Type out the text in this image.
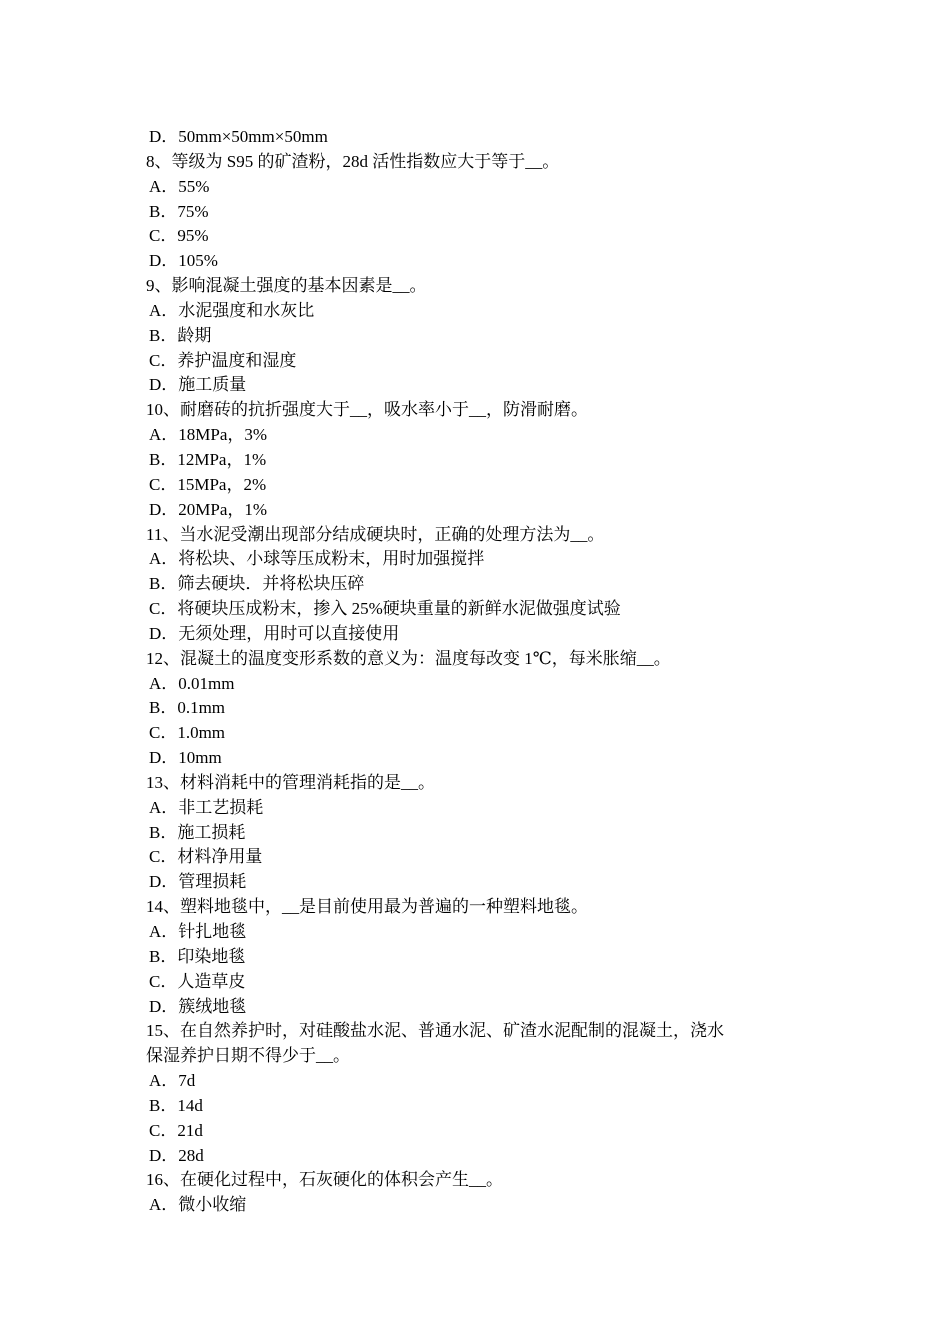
D．50mm×50mm×50mm

8、等级为 S95 的矿渣粉，28d 活性指数应大于等于__。

A．55%

B．75%

C．95%

D．105%

9、影响混凝土强度的基本因素是__。

A．水泥强度和水灰比

B．龄期

C．养护温度和湿度

D．施工质量

10、耐磨砖的抗折强度大于__，吸水率小于__，防滑耐磨。

A．18MPa，3%

B．12MPa，1%

C．15MPa，2%

D．20MPa，1%

11、当水泥受潮出现部分结成硬块时，正确的处理方法为__。

A．将松块、小球等压成粉末，用时加强搅拌

B．筛去硬块．并将松块压碎

C．将硬块压成粉末，掺入 25%硬块重量的新鲜水泥做强度试验

D．无须处理，用时可以直接使用

12、混凝土的温度变形系数的意义为：温度每改变 1℃，每米胀缩__。

A．0.01mm

B．0.1mm

C．1.0mm

D．10mm

13、材料消耗中的管理消耗指的是__。

A．非工艺损耗

B．施工损耗

C．材料净用量

D．管理损耗

14、塑料地毯中，__是目前使用最为普遍的一种塑料地毯。

A．针扎地毯

B．印染地毯

C．人造草皮

D．簇绒地毯

15、在自然养护时，对硅酸盐水泥、普通水泥、矿渣水泥配制的混凝土，浇水

保湿养护日期不得少于__。

A．7d

B．14d

C．21d

D．28d

16、在硬化过程中，石灰硬化的体积会产生__。

A．微小收缩
